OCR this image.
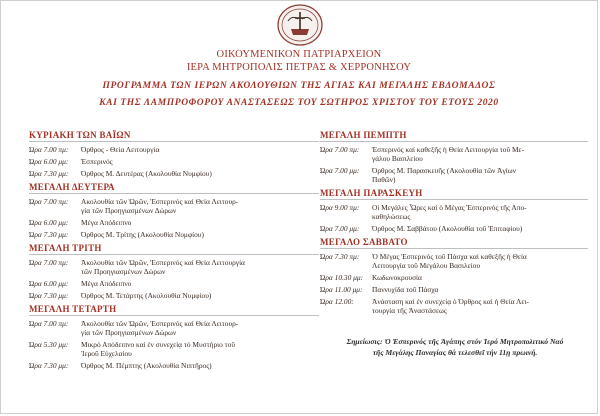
ΟΙΚΟΥΜΕΝΙΚΟΝ ΠΑΤΡΙΑΡΧΕΙΟΝ
ΙΕΡΑ ΜΗΤΡΟΠΟΛΙΣ ΠΕΤΡΑΣ & ΧΕΡΡΟΝΗΣΟΥ
ΠΡΟΓΡΑΜΜΑ ΤΩΝ ΙΕΡΩΝ ΑΚΟΛΟΥΘΙΩΝ ΤΗΣ ΑΓΙΑΣ ΚΑΙ ΜΕΓΑΛΗΣ ΕΒΔΟΜΑΔΟΣ
ΚΑΙ ΤΗΣ ΛΑΜΠΡΟΦΟΡΟΥ ΑΝΑΣΤΑΣΕΩΣ ΤΟΥ ΣΩΤΗΡΟΣ ΧΡΙΣΤΟΥ ΤΟΥ ΕΤΟΥΣ 2020
ΚΥΡΙΑΚΗ ΤΩΝ ΒΑΪΩΝ
Ώρα 7.00 πμ:	Όρθρος - Θεία Λειτουργία
Ώρα 6.00 μμ:	Έσπερινός
Ώρα 7.30 μμ:	Όρθρος Μ. Δευτέρας (Ακολουθία Νυμφίου)
ΜΕΓΑΛΗ ΔΕΥΤΕΡΑ
Ώρα 7.00 πμ:	Ακολουθία τῶν Ὡρῶν, Ἑσπερινός καί Θεία Λειτουρ-
γία τῶν Προηγιασμένων Δώρων
Ώρα 6.00 μμ:	Μέγα Απόδειπνο
Ώρα 7.30 μμ:	Όρθρος Μ. Τρίτης (Ακολουθία Νυμφίου)
ΜΕΓΑΛΗ ΤΡΙΤΗ
Ώρα 7.00 πμ:	Ἀκολουθία τῶν Ὡρῶν, Ἑσπερινός καί Θεία Λειτουργία
τῶν Προηγιασμένων Δώρων
Ώρα 6.00 μμ:	Μέγα Απόδειπνο
Ώρα 7.30 μμ:	Όρθρος Μ. Τετάρτης (Ακολουθία Νυμφίου)
ΜΕΓΑΛΗ ΤΕΤΑΡΤΗ
Ώρα 7.00 πμ:	Ἀκολουθία τῶν Ὡρῶν, Ἑσπερινός καί Θεία Λειτουρ-
γία τῶν Προηγιασμένων Δώρων
Ώρα 5.30 μμ:	Μικρό Απόδειπνο καί ἐν συνεχείᾳ τό Μυστήριο τοῦ
Ἱεροῦ Εὐχελαίου
Ώρα 7.30 μμ:	Όρθρος Μ. Πέμπτης (Ακολουθία Νιπτῆρος)
ΜΕΓΑΛΗ ΠΕΜΠΤΗ
Ώρα 7.00 πμ:	Έσπερινός καί καθεξῆς ἡ Θεία Λειτουργία τοῦ Με-
γάλου Βασιλείου
Ώρα 7.00 μμ:	Όρθρος Μ. Παρασκευῆς (Ακολουθία τῶν Ἁγίων
Παθῶν)
ΜΕΓΑΛΗ ΠΑΡΑΣΚΕΥΗ
Ώρα 9.00 πμ:	Οἱ Μεγάλες Ὧρες καί ὁ Μέγας Ἑσπερινός τῆς Απο-
καθηλώσεως
Ώρα 7.00 μμ:	Όρθρος Μ. Σαββάτου (Ακολουθία τοῦ Ἐπιταφίου)
ΜΕΓΑΛΟ ΣΑΒΒΑΤΟ
Ώρα 7.30 πμ:	Ὁ Μέγας Ἑσπερινός τοῦ Πάσχα καί καθεξῆς ἡ Θεία
Λειτουργία τοῦ Μεγάλου Βασιλείου
Ώρα 10.30 μμ:	Κωδωνοκρουσία
Ώρα 11.00 μμ:	Παννυχίδα τοῦ Πάσχα
Ώρα 12.00:	Ἀνάσταση καί ἐν συνεχείᾳ ὁ Όρθρος καί ἡ Θεία Λει-
τουργία τῆς Ἀναστάσεως
Σημείωσις: Ὁ Ἑσπερινός τῆς Ἀγάπης στόν Ἱερό Μητροπολιτικό Ναό
τῆς Μεγάλης Παναγίας θά τελεσθεῖ τήν 11ῃ πρωινή.
